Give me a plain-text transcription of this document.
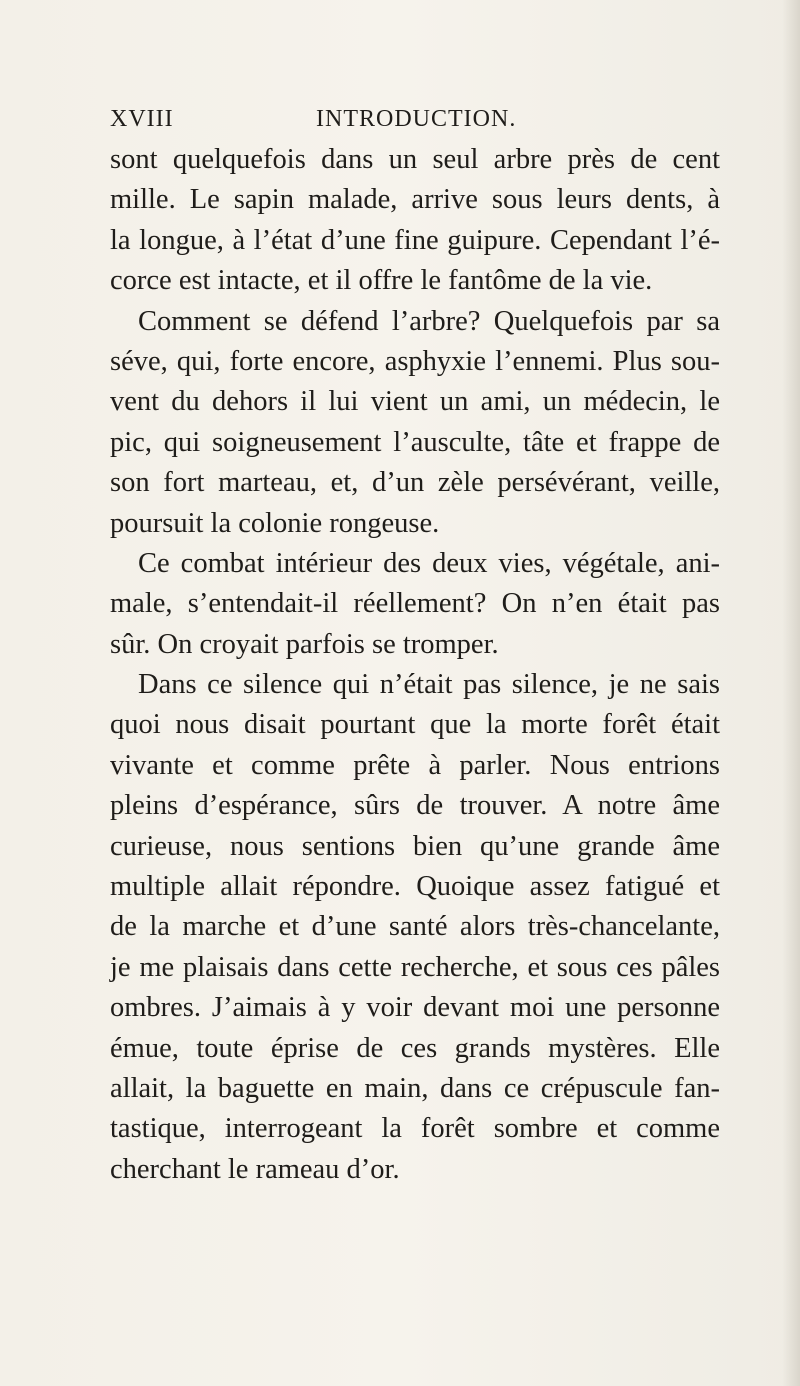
XVIII	INTRODUCTION.
sont quelquefois dans un seul arbre près de cent
mille. Le sapin malade, arrive sous leurs dents, à
la longue, à l’état d’une fine guipure. Cependant l’é-
corce est intacte, et il offre le fantôme de la vie.
Comment se défend l’arbre? Quelquefois par sa
séve, qui, forte encore, asphyxie l’ennemi. Plus sou-
vent du dehors il lui vient un ami, un médecin, le
pic, qui soigneusement l’ausculte, tâte et frappe de
son fort marteau, et, d’un zèle persévérant, veille,
poursuit la colonie rongeuse.
Ce combat intérieur des deux vies, végétale, ani-
male, s’entendait-il réellement? On n’en était pas
sûr. On croyait parfois se tromper.
Dans ce silence qui n’était pas silence, je ne sais
quoi nous disait pourtant que la morte forêt était
vivante et comme prête à parler. Nous entrions
pleins d’espérance, sûrs de trouver. A notre âme
curieuse, nous sentions bien qu’une grande âme
multiple allait répondre. Quoique assez fatigué et
de la marche et d’une santé alors très-chancelante,
je me plaisais dans cette recherche, et sous ces pâles
ombres. J’aimais à y voir devant moi une personne
émue, toute éprise de ces grands mystères. Elle
allait, la baguette en main, dans ce crépuscule fan-
tastique, interrogeant la forêt sombre et comme
cherchant le rameau d’or.
